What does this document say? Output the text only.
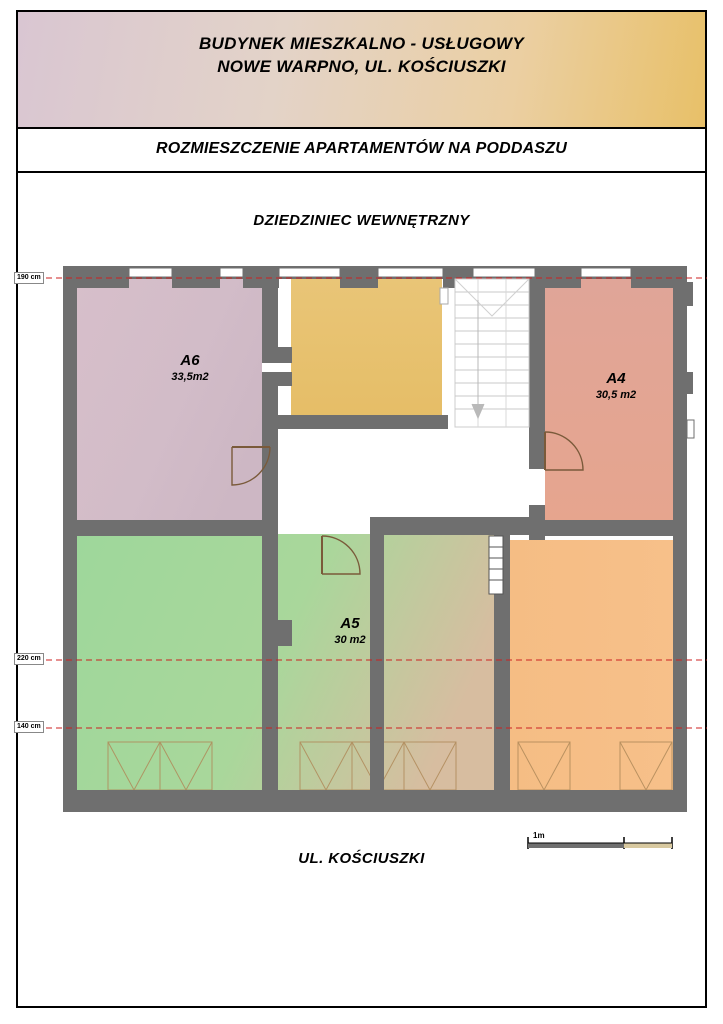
BUDYNEK MIESZKALNO - USŁUGOWY
NOWE WARPNO, UL. KOŚCIUSZKI
ROZMIESZCZENIE APARTAMENTÓW NA PODDASZU
DZIEDZINIEC WEWNĘTRZNY
UL. KOŚCIUSZKI
190 cm
220 cm
140 cm
A6
33,5m2	A4
30,5 m2
A5
30 m2
1m
